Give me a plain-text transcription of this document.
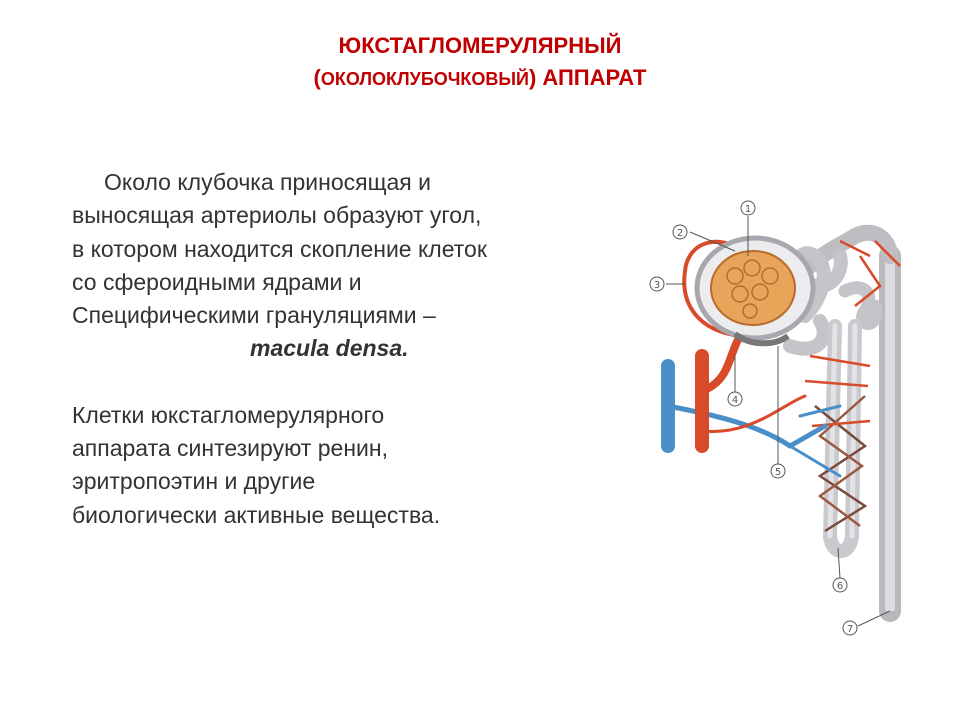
ЮКСТАГЛОМЕРУЛЯРНЫЙ
(ОКОЛОКЛУБОЧКОВЫЙ) АППАРАТ

Около клубочка приносящая и

выносящая артериолы образуют угол,

в котором находится скопление клеток

со сфероидными ядрами и

Специфическими грануляциями –

macula densa.

Клетки юкстагломерулярного

аппарата синтезируют ренин,

эритропоэтин и другие

биологически активные вещества.

1
2
3
4
5
6
7
